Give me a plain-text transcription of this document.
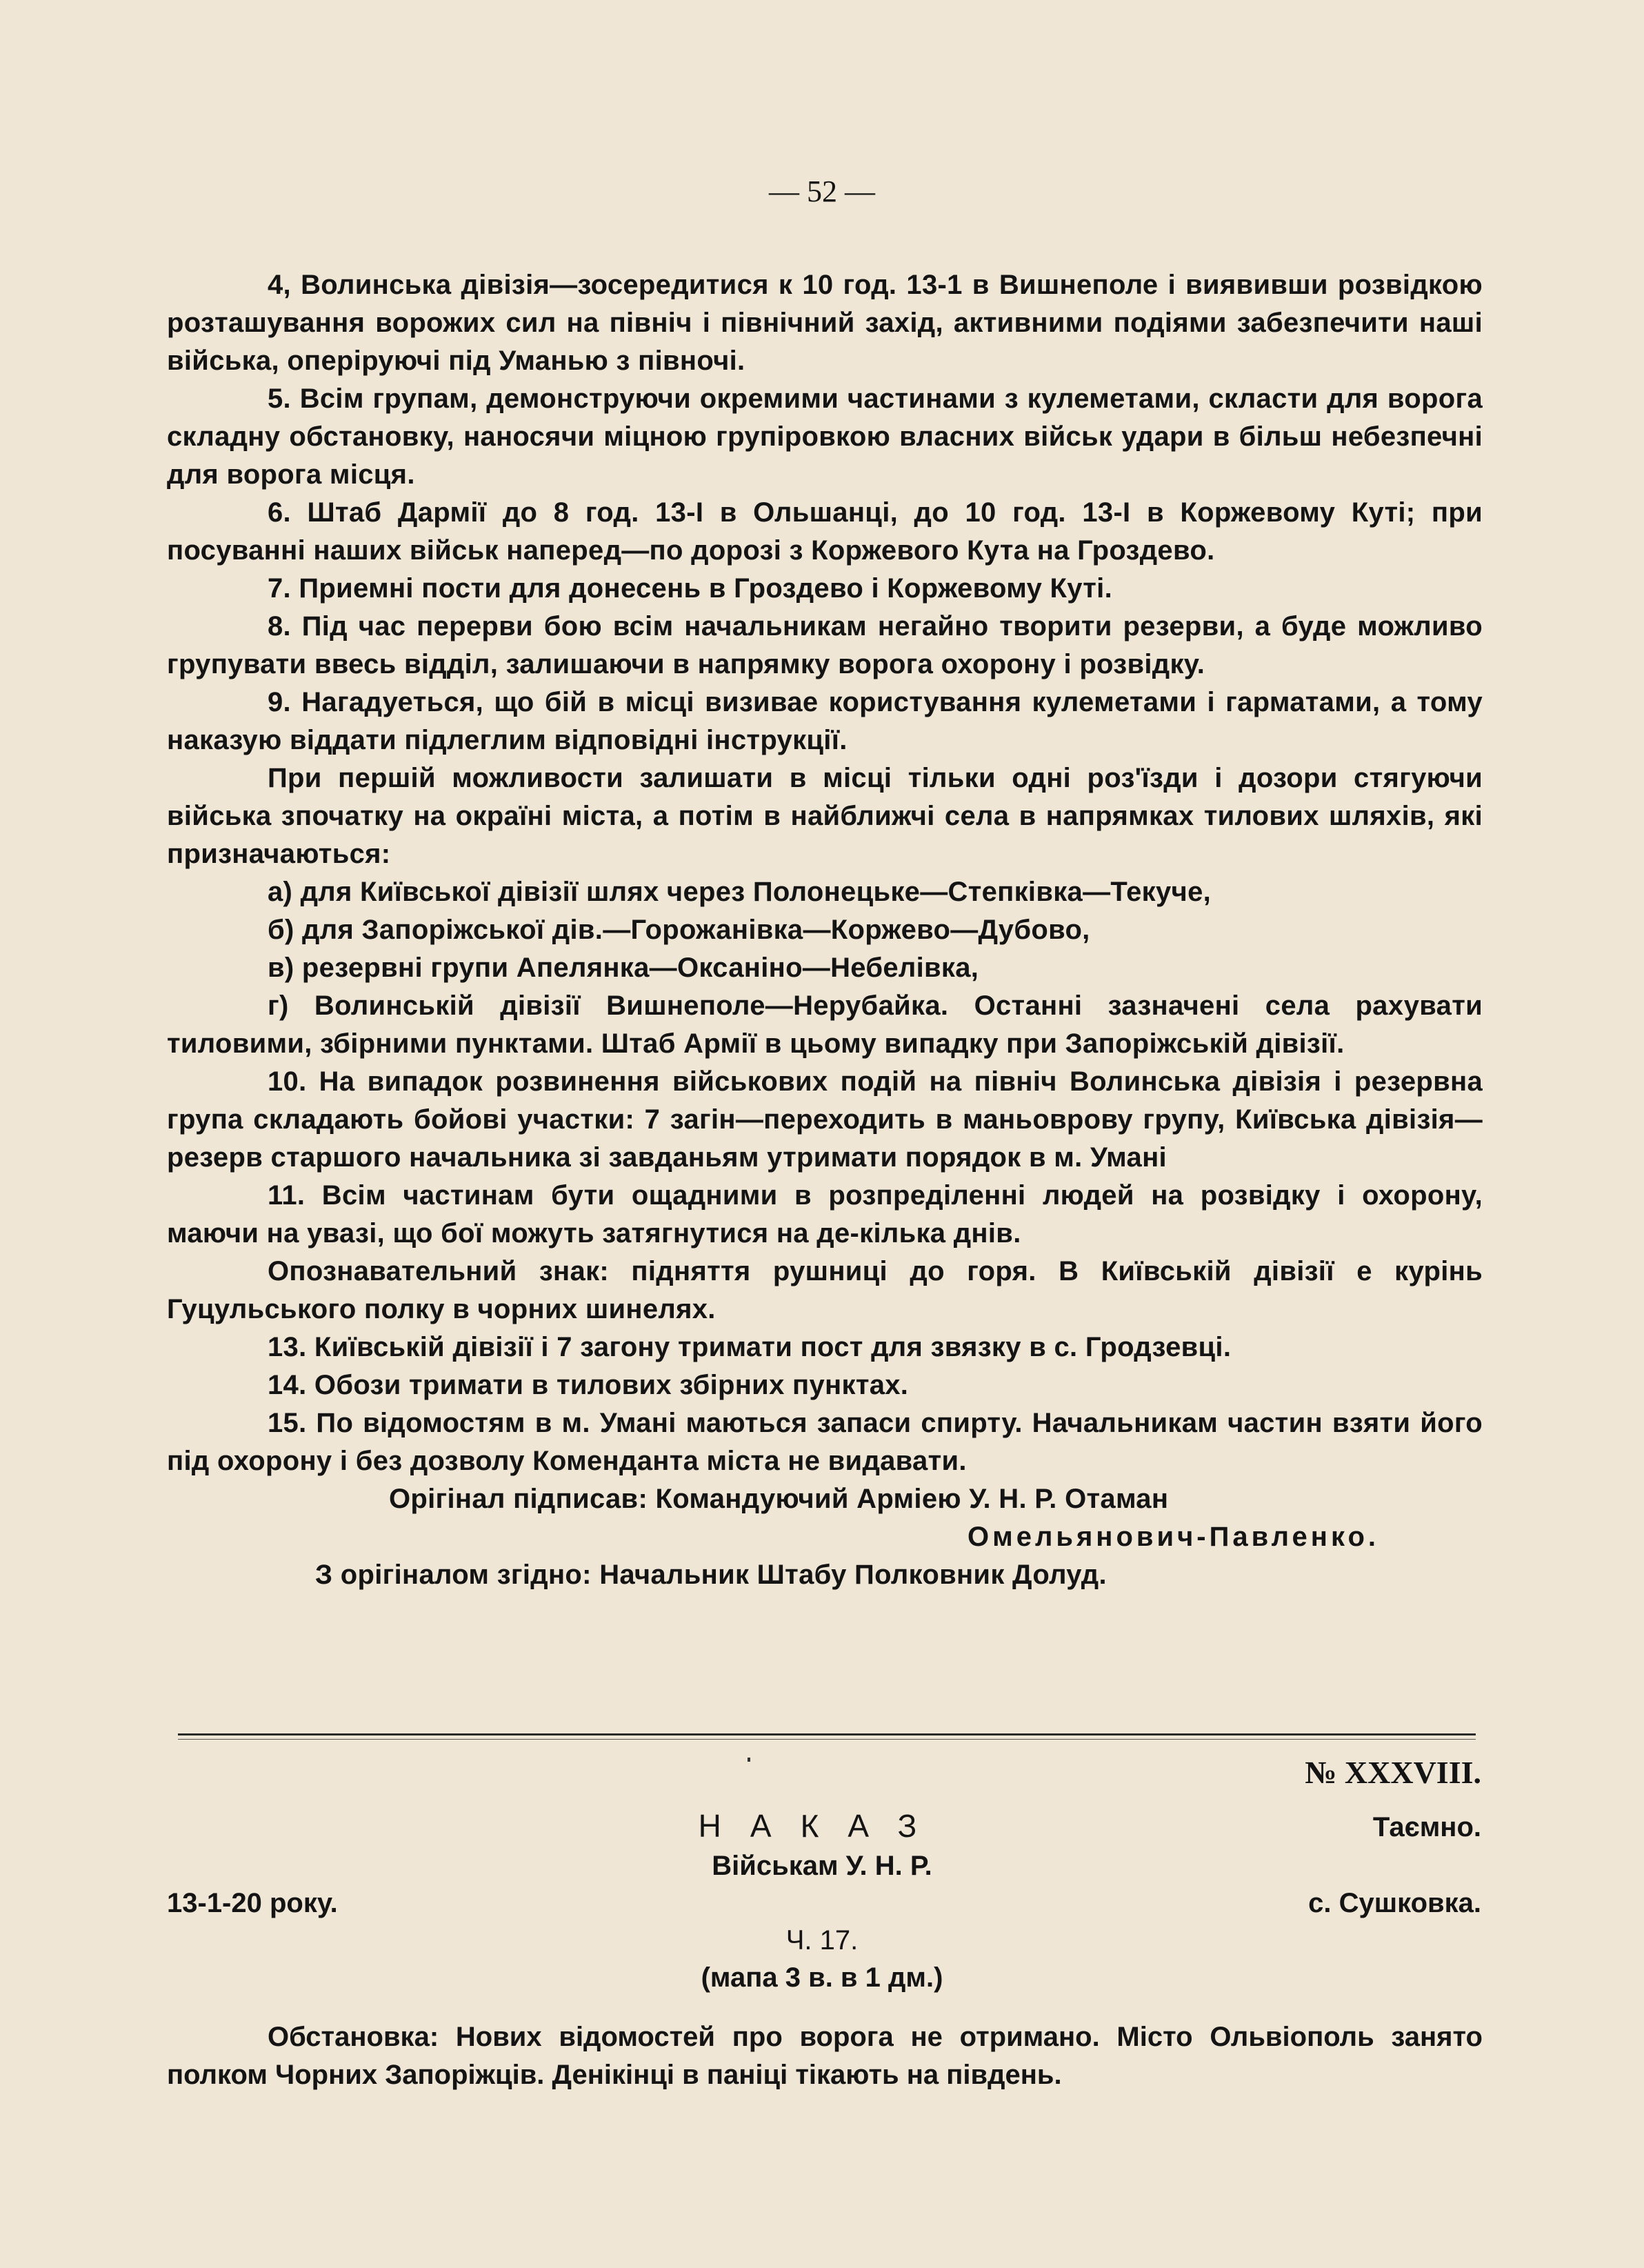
— 52 —

4, Волинська дівізія—зосередитися к 10 год. 13-1 в Вишнеполе і виявивши розвідкою розташування ворожих сил на північ і північний захід, активними подіями забезпечити наші війська, оперіруючі під Уманью з півночі.

5. Всім групам, демонструючи окремими частинами з кулеметами, скласти для ворога складну обстановку, наносячи міцною групіровкою власних військ удари в більш небезпечні для ворога місця.

6. Штаб Дармії до 8 год. 13-І в Ольшанці, до 10 год. 13-І в Коржевому Куті; при посуванні наших військ наперед—по дорозі з Коржевого Кута на Гроздево.

7. Приемні пости для донесень в Гроздево і Коржевому Куті.

8. Під час перерви бою всім начальникам негайно творити резерви, а буде можливо групувати ввесь відділ, залишаючи в напрямку ворога охорону і розвідку.

9. Нагадуеться, що бій в місці визивае користування кулеметами і гарматами, а тому наказую віддати підлеглим відповідні інструкції.

При першій можливости залишати в місці тільки одні роз'їзди і дозори стягуючи війська зпочатку на окраїні міста, а потім в найближчі села в напрямках тилових шляхів, які призначаються:

а) для Київської дівізії шлях через Полонецьке—Степківка—Текуче,

б) для Запоріжської дів.—Горожанівка—Коржево—Дубово,

в) резервні групи Апелянка—Оксаніно—Небелівка,

г) Волинській дівізії Вишнеполе—Нерубайка. Останні зазначені села рахувати тиловими, збірними пунктами. Штаб Армії в цьому випадку при Запоріжській дівізії.

10. На випадок розвинення військових подій на північ Волинська дівізія і резервна група складають бойові участки: 7 загін—переходить в маньоврову групу, Київська дівізія—резерв старшого начальника зі завданьям утримати порядок в м. Умані

11. Всім частинам бути ощадними в розпреділенні людей на розвідку і охорону, маючи на увазі, що бої можуть затягнутися на де-кілька днів.

Опознавательний знак: підняття рушниці до горя. В Київській дівізії е курінь Гуцульського полку в чорних шинелях.

13. Київській дівізії і 7 загону тримати пост для звязку в с. Гродзевці.

14. Обози тримати в тилових збірних пунктах.

15. По відомостям в м. Умані маються запаси спирту. Начальникам частин взяти його під охорону і без дозволу Коменданта міста не видавати.

Орігінал підписав: Командуючий Арміею У. Н. Р. Отаман

Омельянович-Павленко.

З орігіналом згідно: Начальник Штабу Полковник Долуд.

№ XXXVIII.
НАКАЗ	Таємно.
Військам У. Н. Р.
13-1-20 року.	с. Сушковка.
Ч. 17.
(мапа 3 в. в 1 дм.)

Обстановка: Нових відомостей про ворога не отримано. Місто Ольвіополь занято полком Чорних Запоріжців. Денікінці в паніці тікають на південь.
